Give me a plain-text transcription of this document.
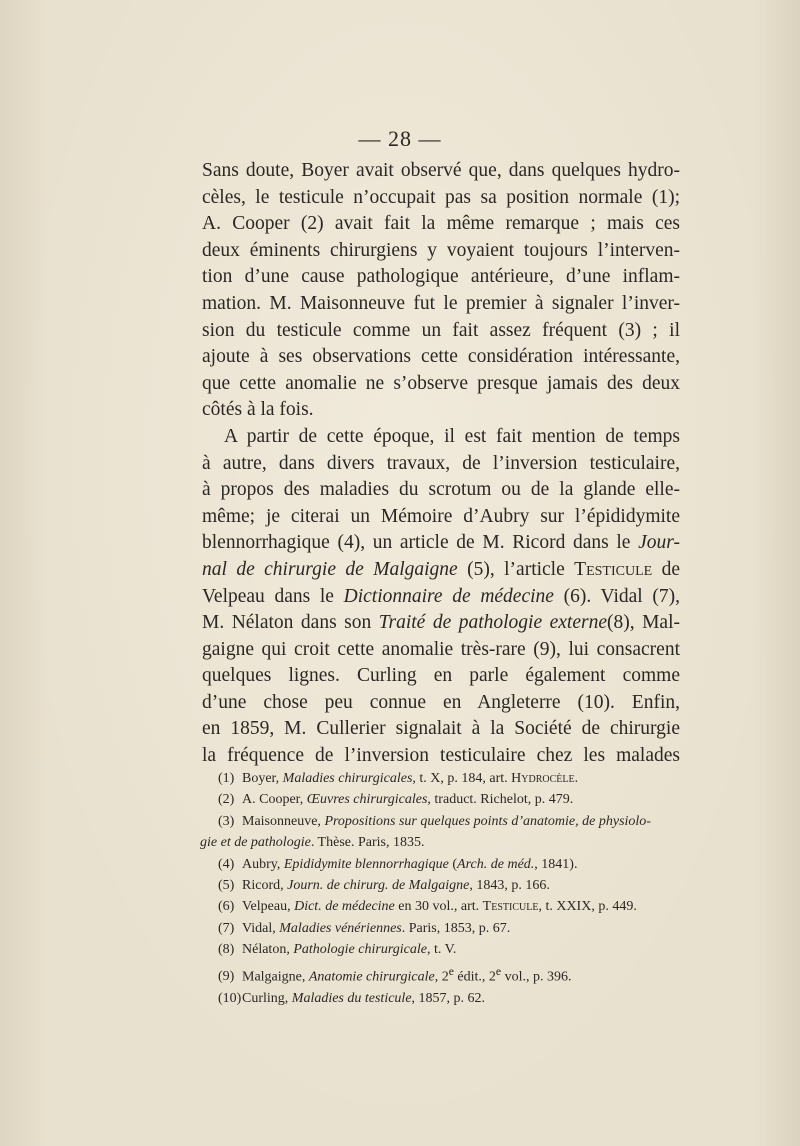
— 28 —
Sans doute, Boyer avait observé que, dans quelques hydro-
cèles, le testicule n’occupait pas sa position normale (1);
A. Cooper (2) avait fait la même remarque ; mais ces
deux éminents chirurgiens y voyaient toujours l’interven-
tion d’une cause pathologique antérieure, d’une inflam-
mation. M. Maisonneuve fut le premier à signaler l’inver-
sion du testicule comme un fait assez fréquent (3) ; il
ajoute à ses observations cette considération intéressante,
que cette anomalie ne s’observe presque jamais des deux
côtés à la fois.
A partir de cette époque, il est fait mention de temps
à autre, dans divers travaux, de l’inversion testiculaire,
à propos des maladies du scrotum ou de la glande elle-
même; je citerai un Mémoire d’Aubry sur l’épididymite
blennorrhagique (4), un article de M. Ricord dans le Jour-
nal de chirurgie de Malgaigne (5), l’article Testicule de
Velpeau dans le Dictionnaire de médecine (6). Vidal (7),
M. Nélaton dans son Traité de pathologie externe(8), Mal-
gaigne qui croit cette anomalie très-rare (9), lui consacrent
quelques lignes. Curling en parle également comme
d’une chose peu connue en Angleterre (10). Enfin,
en 1859, M. Cullerier signalait à la Société de chirurgie
la fréquence de l’inversion testiculaire chez les malades
(1) Boyer, Maladies chirurgicales, t. X, p. 184, art. Hydrocèle.
(2) A. Cooper, Œuvres chirurgicales, traduct. Richelot, p. 479.
(3) Maisonneuve, Propositions sur quelques points d’anatomie, de physiolo-
gie et de pathologie. Thèse. Paris, 1835.
(4) Aubry, Epididymite blennorrhagique (Arch. de méd., 1841).
(5) Ricord, Journ. de chirurg. de Malgaigne, 1843, p. 166.
(6) Velpeau, Dict. de médecine en 30 vol., art. Testicule, t. XXIX, p. 449.
(7) Vidal, Maladies vénériennes. Paris, 1853, p. 67.
(8) Nélaton, Pathologie chirurgicale, t. V.
(9) Malgaigne, Anatomie chirurgicale, 2e édit., 2e vol., p. 396.
(10)Curling, Maladies du testicule, 1857, p. 62.
